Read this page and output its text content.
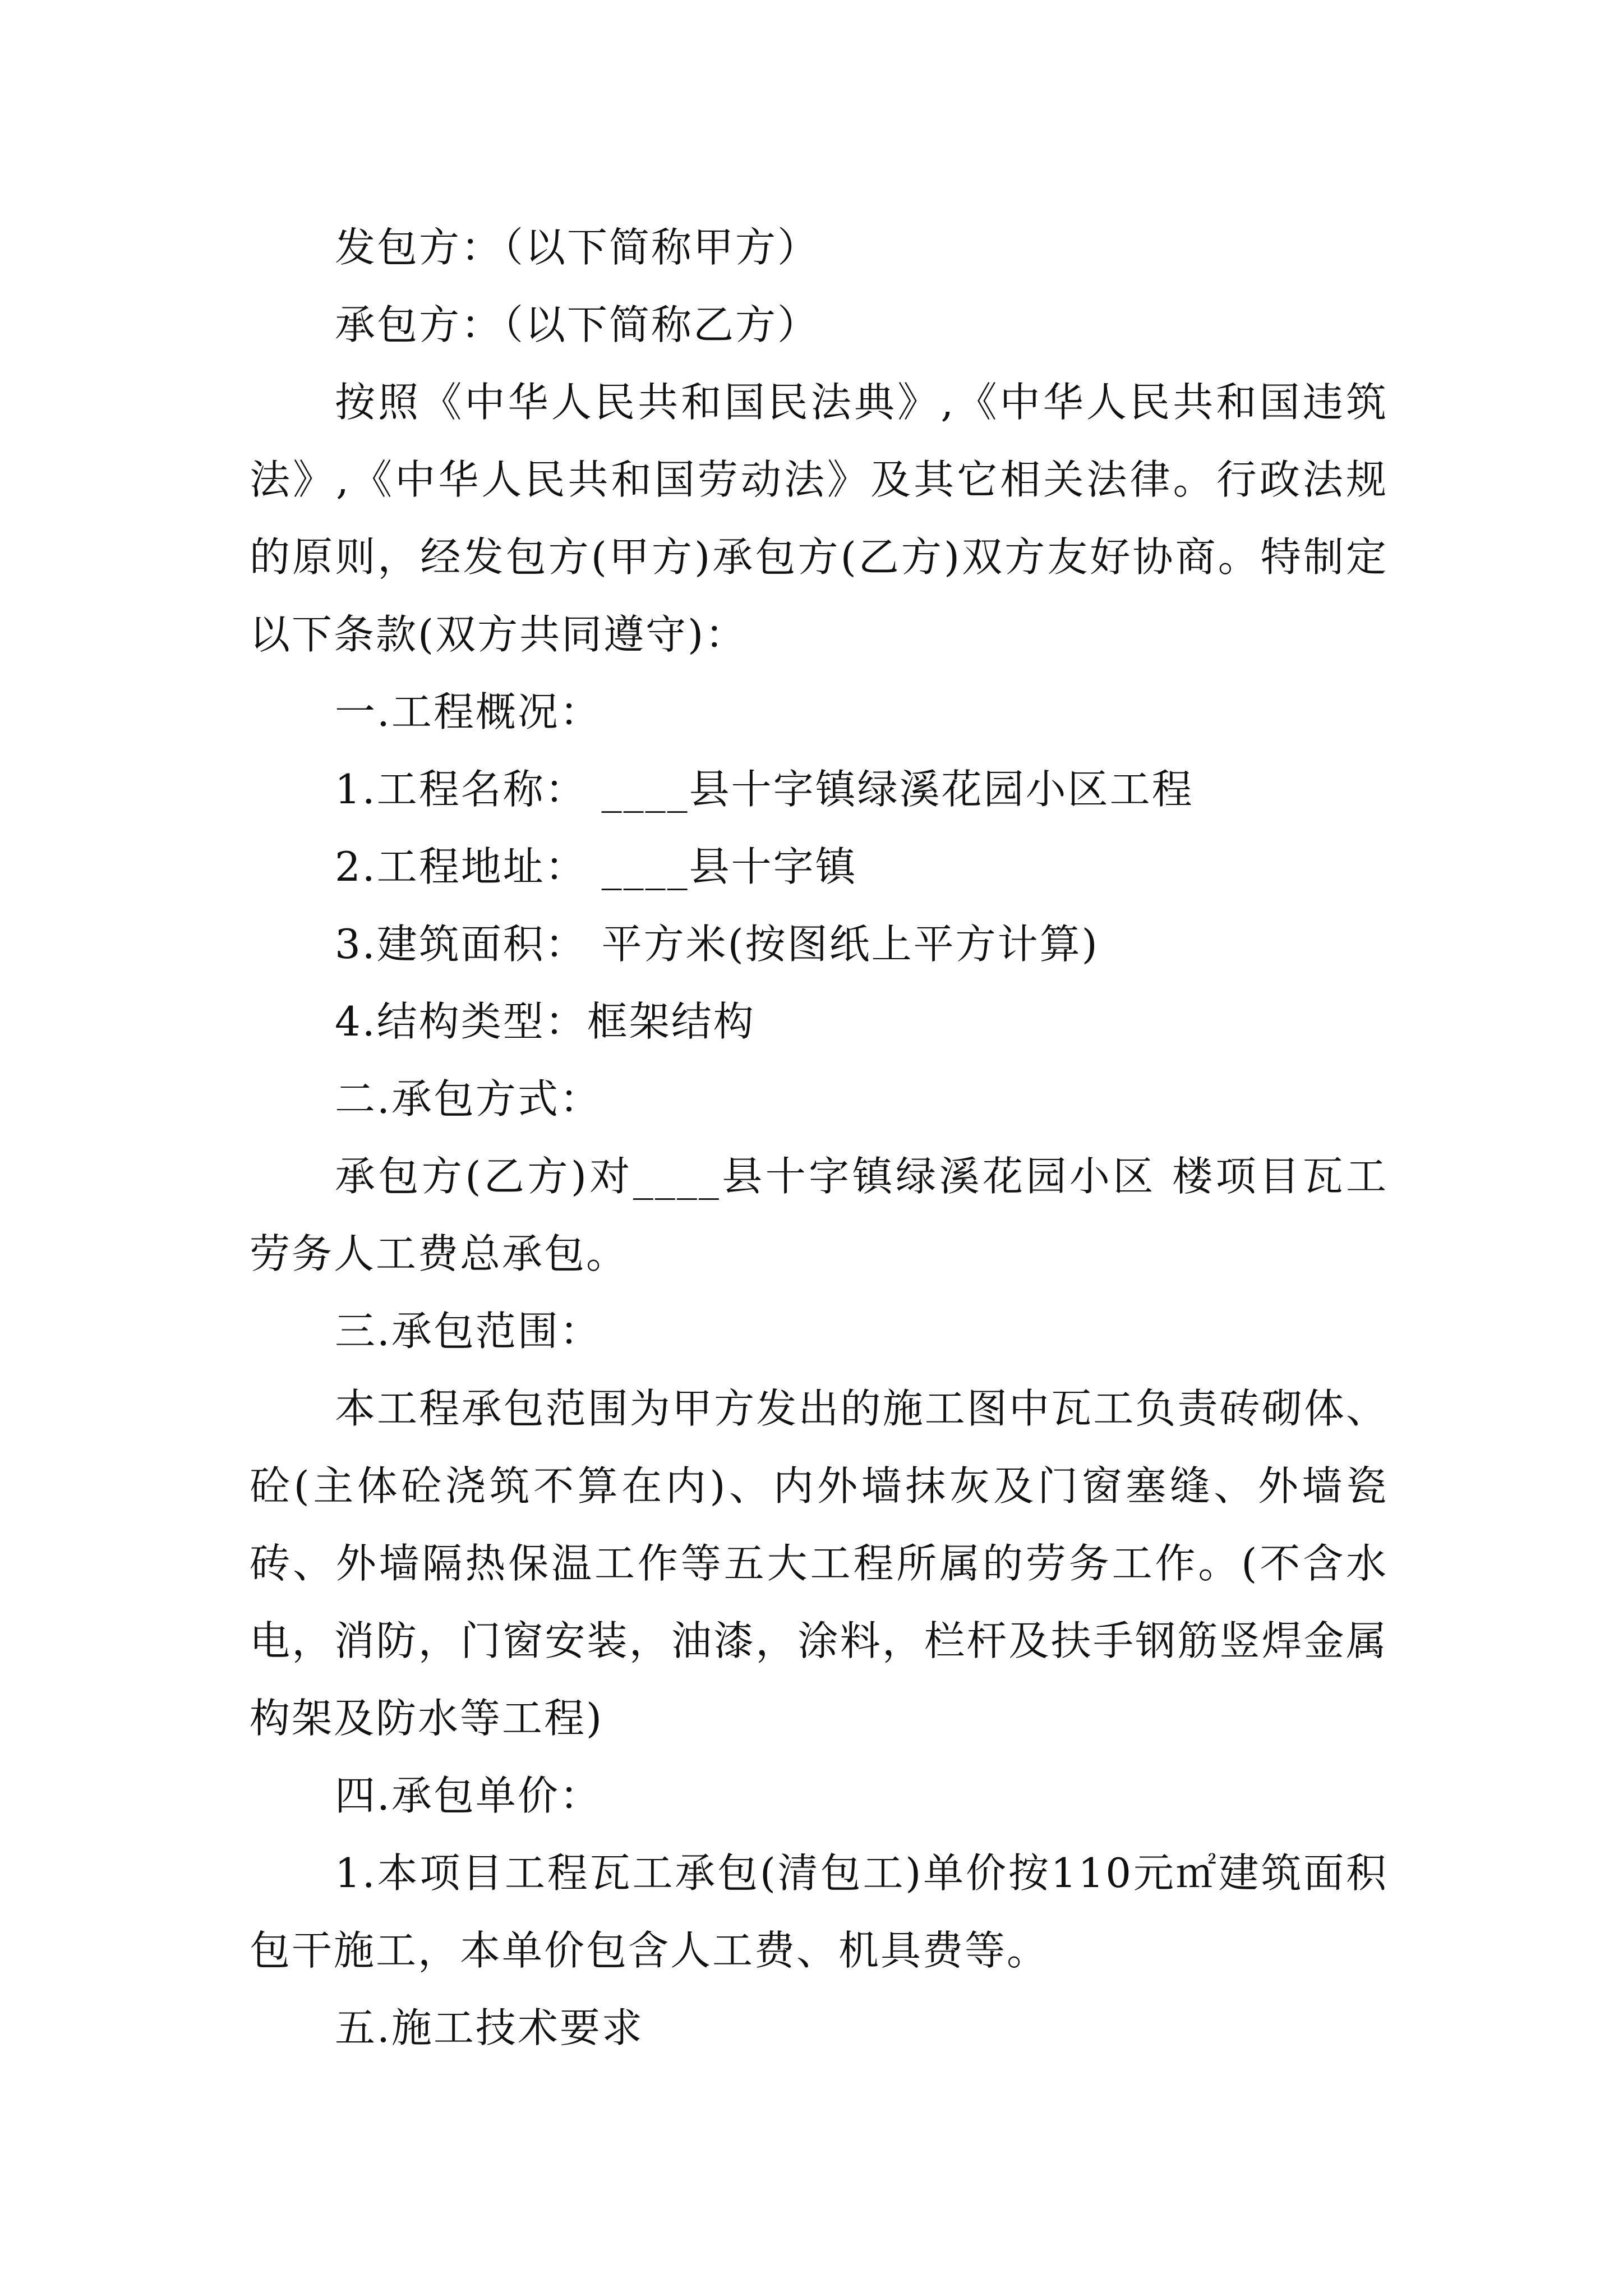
发包方：（以下简称甲方）

承包方：（以下简称乙方）

按照《中华人民共和国民法典》,《中华人民共和国违筑法》,《中华人民共和国劳动法》及其它相关法律。行政法规的原则，经发包方(甲方)承包方(乙方)双方友好协商。特制定以下条款(双方共同遵守)：

一.工程概况：

1.工程名称： ____县十字镇绿溪花园小区工程

2.工程地址： ____县十字镇

3.建筑面积： 平方米(按图纸上平方计算)

4.结构类型：框架结构

二.承包方式：

承包方(乙方)对____县十字镇绿溪花园小区 楼项目瓦工劳务人工费总承包。

三.承包范围：

本工程承包范围为甲方发出的施工图中瓦工负责砖砌体、砼(主体砼浇筑不算在内)、内外墙抹灰及门窗塞缝、外墙瓷砖、外墙隔热保温工作等五大工程所属的劳务工作。(不含水电，消防，门窗安装，油漆，涂料，栏杆及扶手钢筋竖焊金属构架及防水等工程)

四.承包单价：

1.本项目工程瓦工承包(清包工)单价按110元㎡建筑面积包干施工，本单价包含人工费、机具费等。

五.施工技术要求
